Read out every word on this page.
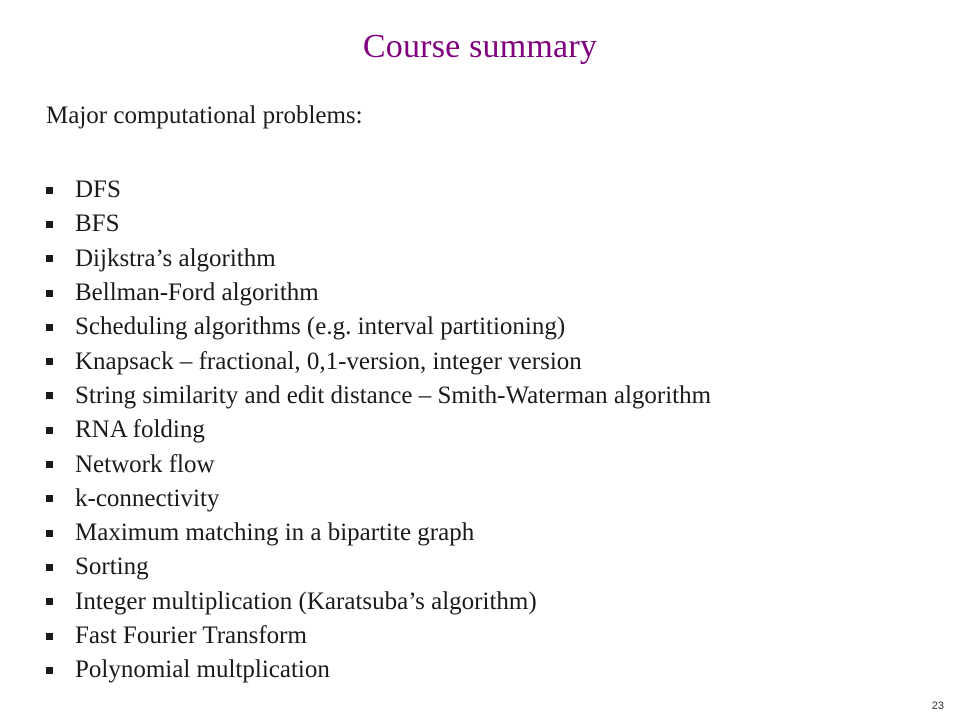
Course summary
Major computational problems:
DFS
BFS
Dijkstra’s algorithm
Bellman-Ford algorithm
Scheduling algorithms (e.g. interval partitioning)
Knapsack – fractional, 0,1-version, integer version
String similarity and edit distance – Smith-Waterman algorithm
RNA folding
Network flow
k-connectivity
Maximum matching in a bipartite graph
Sorting
Integer multiplication (Karatsuba’s algorithm)
Fast Fourier Transform
Polynomial multplication
23
